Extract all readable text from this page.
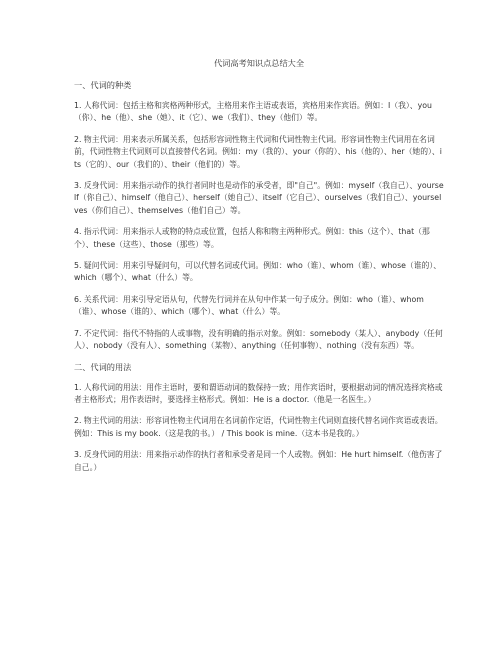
代词高考知识点总结大全
一、代词的种类

1. 人称代词：包括主格和宾格两种形式，主格用来作主语或表语，宾格用来作宾语。例如：I（我）、you（你）、he（他）、she（她）、it（它）、we（我们）、they（他们）等。

2. 物主代词：用来表示所属关系，包括形容词性物主代词和代词性物主代词。形容词性物主代词用在名词前，代词性物主代词则可以直接替代名词。例如：my（我的）、your（你的）、his（他的）、her（她的）、its（它的）、our（我们的）、their（他们的）等。

3. 反身代词：用来指示动作的执行者同时也是动作的承受者，即"自己"。例如：myself（我自己）、yourself（你自己）、himself（他自己）、herself（她自己）、itself（它自己）、ourselves（我们自己）、yourselves（你们自己）、themselves（他们自己）等。

4. 指示代词：用来指示人或物的特点或位置，包括人称和物主两种形式。例如：this（这个）、that（那个）、these（这些）、those（那些）等。

5. 疑问代词：用来引导疑问句，可以代替名词或代词。例如：who（谁）、whom（谁）、whose（谁的）、which（哪个）、what（什么）等。

6. 关系代词：用来引导定语从句，代替先行词并在从句中作某一句子成分。例如：who（谁）、whom（谁）、whose（谁的）、which（哪个）、what（什么）等。

7. 不定代词：指代不特指的人或事物，没有明确的指示对象。例如：somebody（某人）、anybody（任何人）、nobody（没有人）、something（某物）、anything（任何事物）、nothing（没有东西）等。

二、代词的用法

1. 人称代词的用法：用作主语时，要和谓语动词的数保持一致；用作宾语时，要根据动词的情况选择宾格或者主格形式；用作表语时，要选择主格形式。例如：He is a doctor.（他是一名医生。）

2. 物主代词的用法：形容词性物主代词用在名词前作定语，代词性物主代词则直接代替名词作宾语或表语。例如：This is my book.（这是我的书。） / This book is mine.（这本书是我的。）

3. 反身代词的用法：用来指示动作的执行者和承受者是同一个人或物。例如：He hurt himself.（他伤害了自己。）
